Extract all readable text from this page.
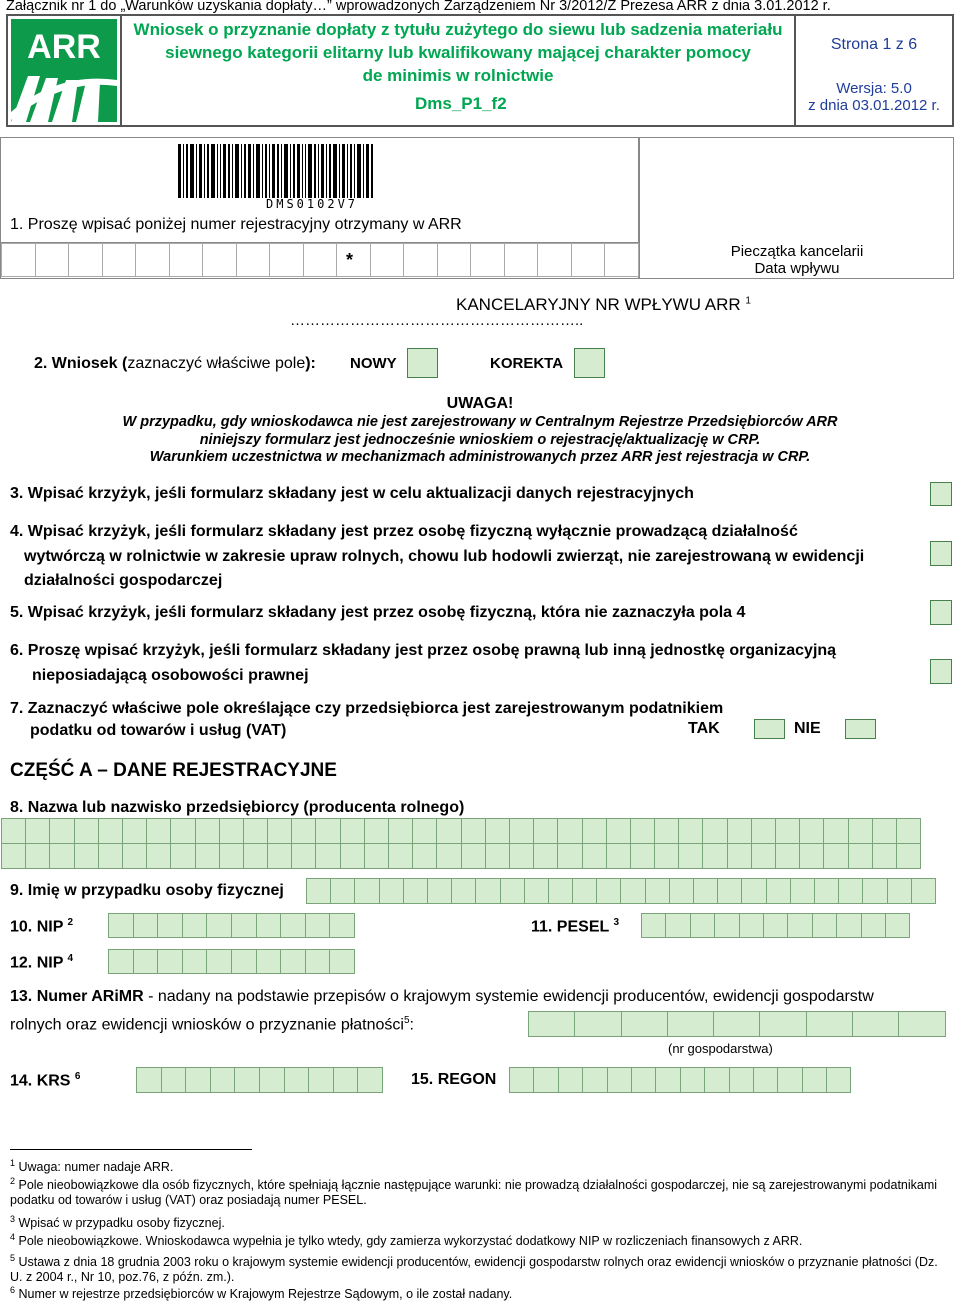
Załącznik nr 1 do „Warunków uzyskania dopłaty…” wprowadzonych Zarządzeniem Nr 3/2012/Z Prezesa ARR z dnia 3.01.2012 r.
ARR	Wniosek o przyznanie dopłaty z tytułu zużytego do siewu lub sadzenia materiału
siewnego kategorii elitarny lub kwalifikowany mającej charakter pomocy
de minimis w rolnictwie
Dms_P1_f2
Strona 1 z 6
Wersja: 5.0
z dnia 03.01.2012 r.
DMS0102V7
1. Proszę wpisać poniżej numer rejestracyjny otrzymany w ARR
*	Pieczątka kancelarii
Data wpływu
KANCELARYJNY NR WPŁYWU ARR $^1$
…………………………………………………..
2. Wniosek (zaznaczyć właściwe pole): NOWY	KOREKTA
UWAGA!
W przypadku, gdy wnioskodawca nie jest zarejestrowany w Centralnym Rejestrze Przedsiębiorców ARR
niniejszy formularz jest jednocześnie wnioskiem o rejestrację/aktualizację w CRP.
Warunkiem uczestnictwa w mechanizmach administrowanych przez ARR jest rejestracja w CRP.
3. Wpisać krzyżyk, jeśli formularz składany jest w celu aktualizacji danych rejestracyjnych
4. Wpisać krzyżyk, jeśli formularz składany jest przez osobę fizyczną wyłącznie prowadzącą działalność
wytwórczą w rolnictwie w zakresie upraw rolnych, chowu lub hodowli zwierząt, nie zarejestrowaną w ewidencji
działalności gospodarczej
5. Wpisać krzyżyk, jeśli formularz składany jest przez osobę fizyczną, która nie zaznaczyła pola 4
6. Proszę wpisać krzyżyk, jeśli formularz składany jest przez osobę prawną lub inną jednostkę organizacyjną
nieposiadającą osobowości prawnej
7. Zaznaczyć właściwe pole określające czy przedsiębiorca jest zarejestrowanym podatnikiem
podatku od towarów i usług (VAT)	TAK	NIE
CZĘŚĆ A – DANE REJESTRACYJNE
8. Nazwa lub nazwisko przedsiębiorcy (producenta rolnego)
9. Imię w przypadku osoby fizycznej
10. NIP $^2$	11. PESEL $^3$
12. NIP $^4$
13. Numer ARiMR - nadany na podstawie przepisów o krajowym systemie ewidencji producentów, ewidencji gospodarstw
rolnych oraz ewidencji wniosków o przyznanie płatności$^5$:
(nr gospodarstwa)
14. KRS $^6$	15. REGON
$^1$ Uwaga: numer nadaje ARR.
$^2$ Pole nieobowiązkowe dla osób fizycznych, które spełniają łącznie następujące warunki: nie prowadzą działalności gospodarczej, nie są zarejestrowanymi podatnikami podatku od towarów i usług (VAT) oraz posiadają numer PESEL.
$^3$ Wpisać w przypadku osoby fizycznej.
$^4$ Pole nieobowiązkowe. Wnioskodawca wypełnia je tylko wtedy, gdy zamierza wykorzystać dodatkowy NIP w rozliczeniach finansowych z ARR.
$^5$ Ustawa z dnia 18 grudnia 2003 roku o krajowym systemie ewidencji producentów, ewidencji gospodarstw rolnych oraz ewidencji wniosków o przyznanie płatności (Dz. U. z 2004 r., Nr 10, poz.76, z późn. zm.).
$^6$ Numer w rejestrze przedsiębiorców w Krajowym Rejestrze Sądowym, o ile został nadany.
